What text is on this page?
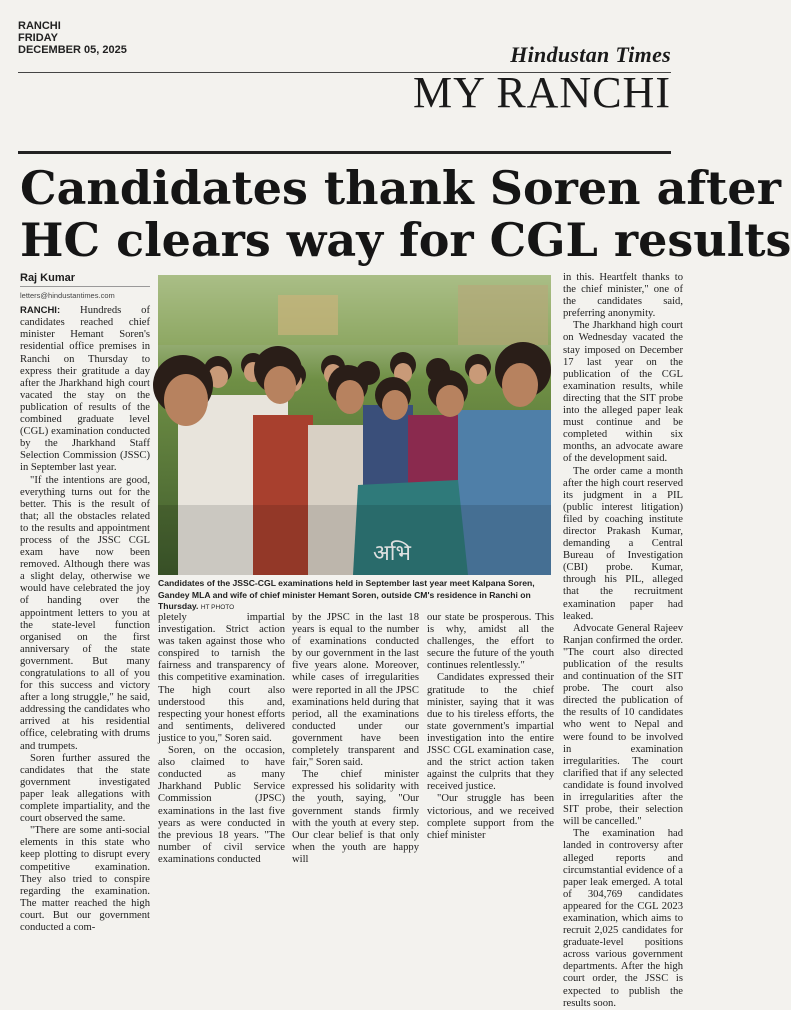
RANCHI
FRIDAY
DECEMBER 05, 2025	Hindustan Times
MY RANCHI
Candidates thank Soren after
HC clears way for CGL results
Raj Kumar
letters@hindustantimes.com

RANCHI: Hundreds of candidates reached chief minister Hemant Soren's residential office premises in Ranchi on Thursday to express their gratitude a day after the Jharkhand high court vacated the stay on the publication of results of the combined graduate level (CGL) examination conducted by the Jharkhand Staff Selection Commission (JSSC) in September last year.

"If the intentions are good, everything turns out for the better. This is the result of that; all the obstacles related to the results and appointment process of the JSSC CGL exam have now been removed. Although there was a slight delay, otherwise we would have celebrated the joy of handing over the appointment letters to you at the state-level function organised on the first anniversary of the state government. But many congratulations to all of you for this success and victory after a long struggle," he said, addressing the candidates who arrived at his residential office, celebrating with drums and trumpets.

Soren further assured the candidates that the state government investigated paper leak allegations with complete impartiality, and the court observed the same.

"There are some anti-social elements in this state who keep plotting to disrupt every competitive examination. They also tried to conspire regarding the examination. The matter reached the high court. But our government conducted a com-

अभि
Candidates of the JSSC-CGL examinations held in September last year meet Kalpana Soren, Gandey MLA and wife of chief minister Hemant Soren, outside CM's residence in Ranchi on Thursday. HT PHOTO

pletely impartial investigation. Strict action was taken against those who conspired to tarnish the fairness and transparency of this competitive examination. The high court also understood this and, respecting your honest efforts and sentiments, delivered justice to you," Soren said.

Soren, on the occasion, also claimed to have conducted as many Jharkhand Public Service Commission (JPSC) examinations in the last five years as were conducted in the previous 18 years. "The number of civil service examinations conducted

by the JPSC in the last 18 years is equal to the number of examinations conducted by our government in the last five years alone. Moreover, while cases of irregularities were reported in all the JPSC examinations held during that period, all the examinations conducted under our government have been completely transparent and fair," Soren said.

The chief minister expressed his solidarity with the youth, saying, "Our government stands firmly with the youth at every step. Our clear belief is that only when the youth are happy will

our state be prosperous. This is why, amidst all the challenges, the effort to secure the future of the youth continues relentlessly."

Candidates expressed their gratitude to the chief minister, saying that it was due to his tireless efforts, the state government's impartial investigation into the entire JSSC CGL examination case, and the strict action taken against the culprits that they received justice.

"Our struggle has been victorious, and we received complete support from the chief minister

in this. Heartfelt thanks to the chief minister," one of the candidates said, preferring anonymity.

The Jharkhand high court on Wednesday vacated the stay imposed on December 17 last year on the publication of the CGL examination results, while directing that the SIT probe into the alleged paper leak must continue and be completed within six months, an advocate aware of the development said.

The order came a month after the high court reserved its judgment in a PIL (public interest litigation) filed by coaching institute director Prakash Kumar, demanding a Central Bureau of Investigation (CBI) probe. Kumar, through his PIL, alleged that the recruitment examination paper had leaked.

Advocate General Rajeev Ranjan confirmed the order. "The court also directed publication of the results and continuation of the SIT probe. The court also directed the publication of the results of 10 candidates who went to Nepal and were found to be involved in examination irregularities. The court clarified that if any selected candidate is found involved in irregularities after the SIT probe, their selection will be cancelled."

The examination had landed in controversy after alleged reports and circumstantial evidence of a paper leak emerged. A total of 304,769 candidates appeared for the CGL 2023 examination, which aims to recruit 2,025 candidates for graduate-level positions across various government departments. After the high court order, the JSSC is expected to publish the results soon.
